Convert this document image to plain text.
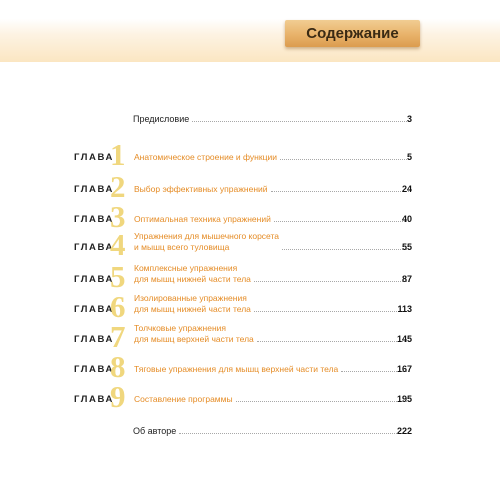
Содержание
Предисловие	3
ГЛАВА
1 Анатомическое строение и функции	5
ГЛАВА
2 Выбор эффективных упражнений	24
ГЛАВА
3 Оптимальная техника упражнений	40
ГЛАВА
4 Упражнения для мышечного корсета
и мышц всего туловища	55
ГЛАВА
5 Комплексные упражнения
для мышц нижней части тела	87
ГЛАВА
6 Изолированные упражнения
для мышц нижней части тела	113
ГЛАВА
7 Толчковые упражнения
для мышц верхней части тела	145
ГЛАВА
8 Тяговые упражнения для мышц верхней части тела	167
ГЛАВА
9 Составление программы	195
Об авторе	222
